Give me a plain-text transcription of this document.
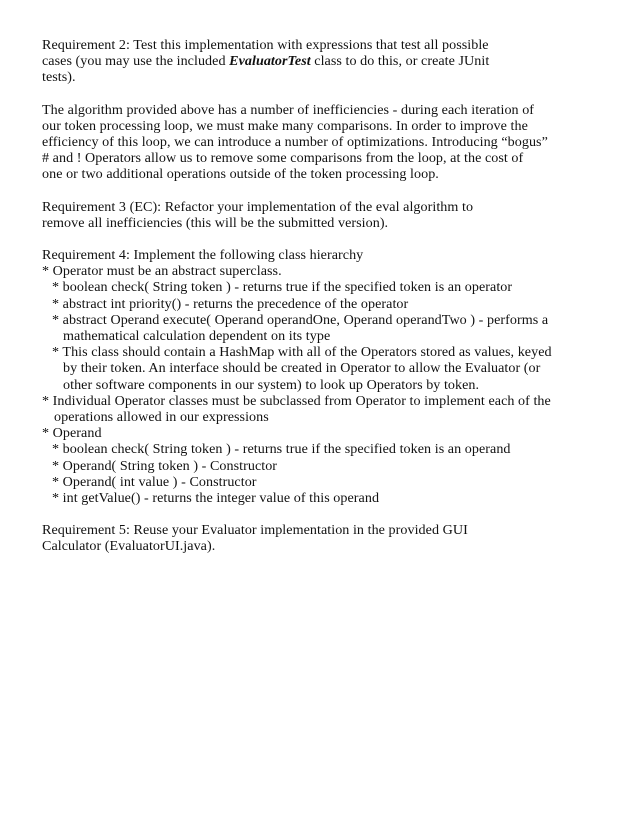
Requirement 2: Test this implementation with expressions that test all possible
cases (you may use the included EvaluatorTest class to do this, or create JUnit
tests).
The algorithm provided above has a number of inefficiencies - during each iteration of
our token processing loop, we must make many comparisons. In order to improve the
efficiency of this loop, we can introduce a number of optimizations. Introducing “bogus”
# and ! Operators allow us to remove some comparisons from the loop, at the cost of
one or two additional operations outside of the token processing loop.
Requirement 3 (EC): Refactor your implementation of the eval algorithm to
remove all inefficiencies (this will be the submitted version).
Requirement 4: Implement the following class hierarchy
* Operator must be an abstract superclass.
* boolean check( String token ) - returns true if the specified token is an operator
* abstract int priority() - returns the precedence of the operator
* abstract Operand execute( Operand operandOne, Operand operandTwo ) - performs a
mathematical calculation dependent on its type
* This class should contain a HashMap with all of the Operators stored as values, keyed
by their token. An interface should be created in Operator to allow the Evaluator (or
other software components in our system) to look up Operators by token.
* Individual Operator classes must be subclassed from Operator to implement each of the
operations allowed in our expressions
* Operand
* boolean check( String token ) - returns true if the specified token is an operand
* Operand( String token ) - Constructor
* Operand( int value ) - Constructor
* int getValue() - returns the integer value of this operand
Requirement 5: Reuse your Evaluator implementation in the provided GUI
Calculator (EvaluatorUI.java).
